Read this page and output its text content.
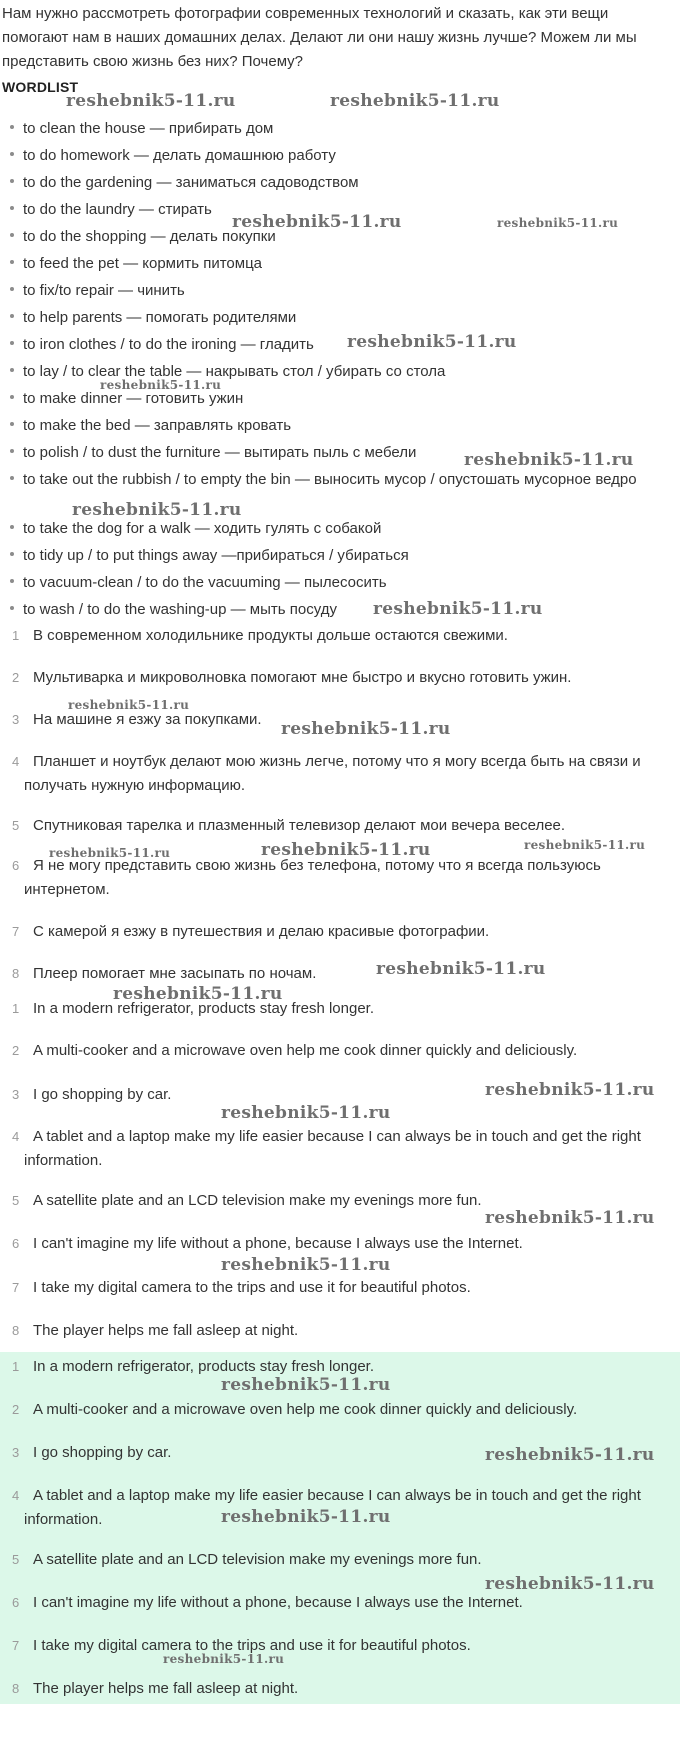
Нам нужно рассмотреть фотографии современных технологий и сказать, как эти вещи помогают нам в наших домашних делах. Делают ли они нашу жизнь лучше? Можем ли мы представить свою жизнь без них? Почему?
WORDLIST
to clean the house — прибирать дом
to do homework — делать домашнюю работу
to do the gardening — заниматься садоводством
to do the laundry — стирать
to do the shopping — делать покупки
to feed the pet — кормить питомца
to fix/to repair — чинить
to help parents — помогать родителями
to iron clothes / to do the ironing — гладить
to lay / to clear the table — накрывать стол / убирать со стола
to make dinner — готовить ужин
to make the bed — заправлять кровать
to polish / to dust the furniture — вытирать пыль с мебели
to take out the rubbish / to empty the bin — выносить мусор / опустошать мусорное ведро
to take the dog for a walk — ходить гулять с собакой
to tidy up / to put things away —прибираться / убираться
to vacuum-clean / to do the vacuuming — пылесосить
to wash / to do the washing-up — мыть посуду
1 В современном холодильнике продукты дольше остаются свежими.
2 Мультиварка и микроволновка помогают мне быстро и вкусно готовить ужин.
3 На машине я езжу за покупками.
4 Планшет и ноутбук делают мою жизнь легче, потому что я могу всегда быть на связи и получать нужную информацию.
5 Спутниковая тарелка и плазменный телевизор делают мои вечера веселее.
6 Я не могу представить свою жизнь без телефона, потому что я всегда пользуюсь интернетом.
7 С камерой я езжу в путешествия и делаю красивые фотографии.
8 Плеер помогает мне засыпать по ночам.
1 In a modern refrigerator, products stay fresh longer.
2 A multi-cooker and a microwave oven help me cook dinner quickly and deliciously.
3 I go shopping by car.
4 A tablet and a laptop make my life easier because I can always be in touch and get the right information.
5 A satellite plate and an LCD television make my evenings more fun.
6 I can't imagine my life without a phone, because I always use the Internet.
7 I take my digital camera to the trips and use it for beautiful photos.
8 The player helps me fall asleep at night.
1 In a modern refrigerator, products stay fresh longer.
2 A multi-cooker and a microwave oven help me cook dinner quickly and deliciously.
3 I go shopping by car.
4 A tablet and a laptop make my life easier because I can always be in touch and get the right information.
5 A satellite plate and an LCD television make my evenings more fun.
6 I can't imagine my life without a phone, because I always use the Internet.
7 I take my digital camera to the trips and use it for beautiful photos.
8 The player helps me fall asleep at night.
reshebnik5-11.ru	reshebnik5-11.ru
reshebnik5-11.ru	reshebnik5-11.ru
reshebnik5-11.ru
reshebnik5-11.ru
reshebnik5-11.ru
reshebnik5-11.ru
reshebnik5-11.ru
reshebnik5-11.ru
reshebnik5-11.ru
reshebnik5-11.ru	reshebnik5-11.ru	reshebnik5-11.ru
reshebnik5-11.ru
reshebnik5-11.ru
reshebnik5-11.ru
reshebnik5-11.ru
reshebnik5-11.ru
reshebnik5-11.ru
reshebnik5-11.ru
reshebnik5-11.ru
reshebnik5-11.ru
reshebnik5-11.ru
reshebnik5-11.ru
